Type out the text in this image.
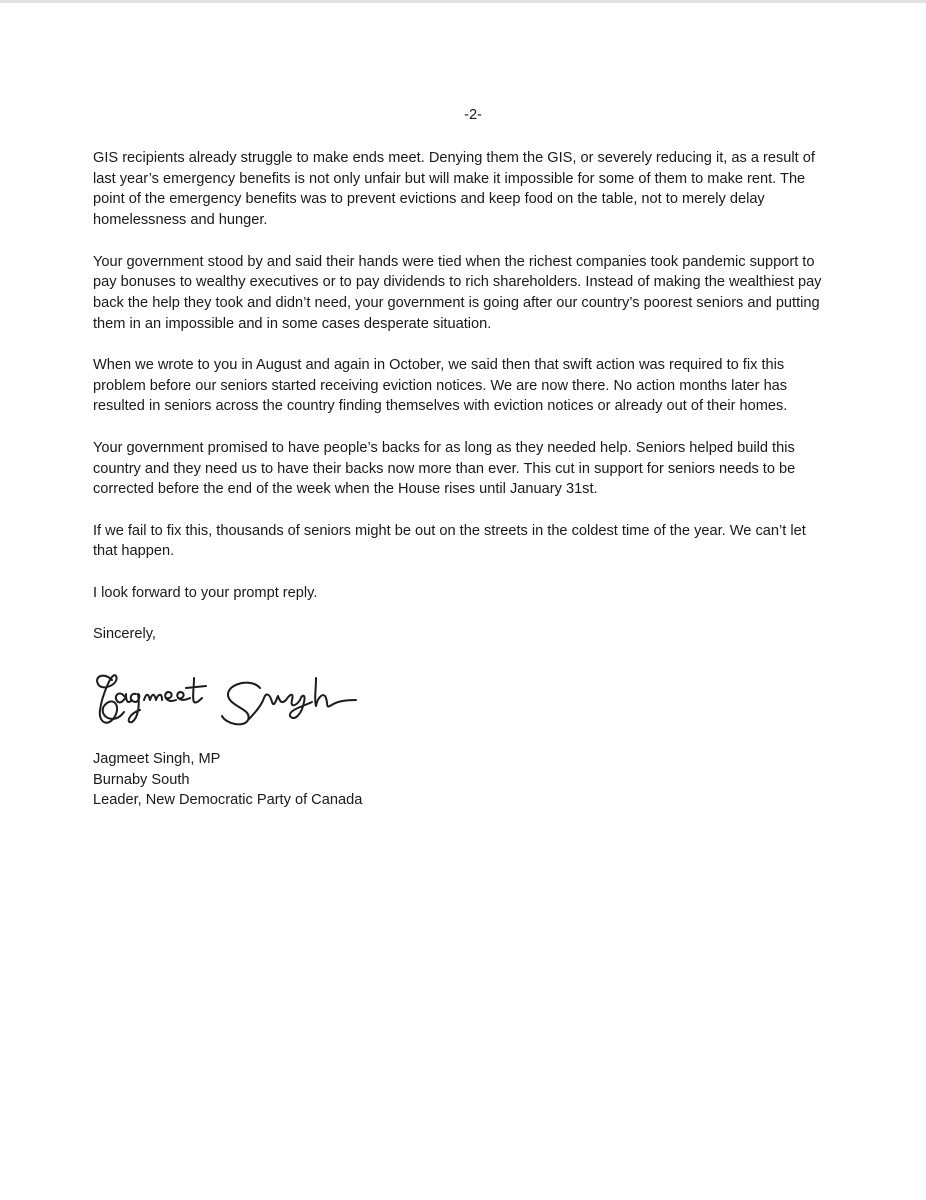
-2-

GIS recipients already struggle to make ends meet. Denying them the GIS, or severely reducing it, as a result of last year’s emergency benefits is not only unfair but will make it impossible for some of them to make rent. The point of the emergency benefits was to prevent evictions and keep food on the table, not to merely delay homelessness and hunger.

Your government stood by and said their hands were tied when the richest companies took pandemic support to pay bonuses to wealthy executives or to pay dividends to rich shareholders. Instead of making the wealthiest pay back the help they took and didn’t need, your government is going after our country’s poorest seniors and putting them in an impossible and in some cases desperate situation.

When we wrote to you in August and again in October, we said then that swift action was required to fix this problem before our seniors started receiving eviction notices. We are now there. No action months later has resulted in seniors across the country finding themselves with eviction notices or already out of their homes.

Your government promised to have people’s backs for as long as they needed help. Seniors helped build this country and they need us to have their backs now more than ever. This cut in support for seniors needs to be corrected before the end of the week when the House rises until January 31st.

If we fail to fix this, thousands of seniors might be out on the streets in the coldest time of the year. We can’t let that happen.

I look forward to your prompt reply.

Sincerely,

Jagmeet Singh, MP
Burnaby South
Leader, New Democratic Party of Canada
